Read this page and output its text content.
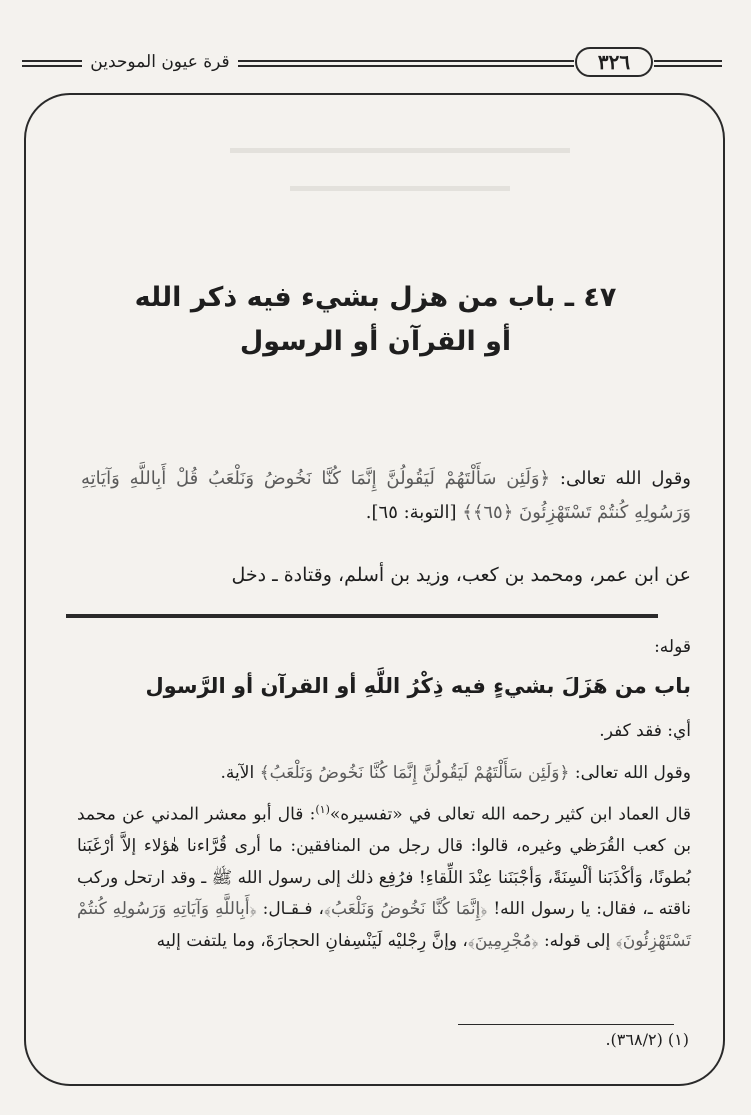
قرة عيون الموحدين	٣٢٦
٤٧ ـ باب من هزل بشيء فيه ذكر الله
أو القرآن أو الرسول
وقول الله تعالى: ﴿وَلَئِن سَأَلْتَهُمْ لَيَقُولُنَّ إِنَّمَا كُنَّا نَخُوضُ وَنَلْعَبُ قُلْ أَبِاللَّهِ وَآيَاتِهِ وَرَسُولِهِ كُنتُمْ تَسْتَهْزِئُونَ ﴿٦٥﴾﴾ [التوبة: ٦٥].
عن ابن عمر، ومحمد بن كعب، وزيد بن أسلم، وقتادة ـ دخل
قوله:
باب من هَزَلَ بشيءٍ فيه ذِكْرُ اللَّهِ أو القرآن أو الرَّسول
أي: فقد كفر.
وقول الله تعالى: ﴿وَلَئِن سَأَلْتَهُمْ لَيَقُولُنَّ إِنَّمَا كُنَّا نَخُوضُ وَنَلْعَبُ﴾ الآية.
قال العماد ابن كثير رحمه الله تعالى في «تفسيره»$^{(١)}$: قال أبو معشر المدني عن محمد بن كعب القُرَظي وغيره، قالوا: قال رجل من المنافقين: ما أرى قُرَّاءنا هٰؤلاء إلاَّ أرْغَبَنا بُطونًا، وَأكْذَبَنا ألْسِنَةً، وَأجْبَنَنا عِنْدَ اللِّقاءِ! فرُفِع ذلك إلى رسول الله ﷺ ـ وقد ارتحل وركب ناقته ـ، فقال: يا رسول الله! ﴿إِنَّمَا كُنَّا نَخُوضُ وَنَلْعَبُ﴾، فـقـال: ﴿أَبِاللَّهِ وَآيَاتِهِ وَرَسُولِهِ كُنتُمْ تَسْتَهْزِئُونَ﴾ إلى قوله: ﴿مُجْرِمِينَ﴾، وإنَّ رِجْليْه لَيَنْسِفانِ الحجارَةَ، وما يلتفت إليه
(١) (٣٦٨/٢).
